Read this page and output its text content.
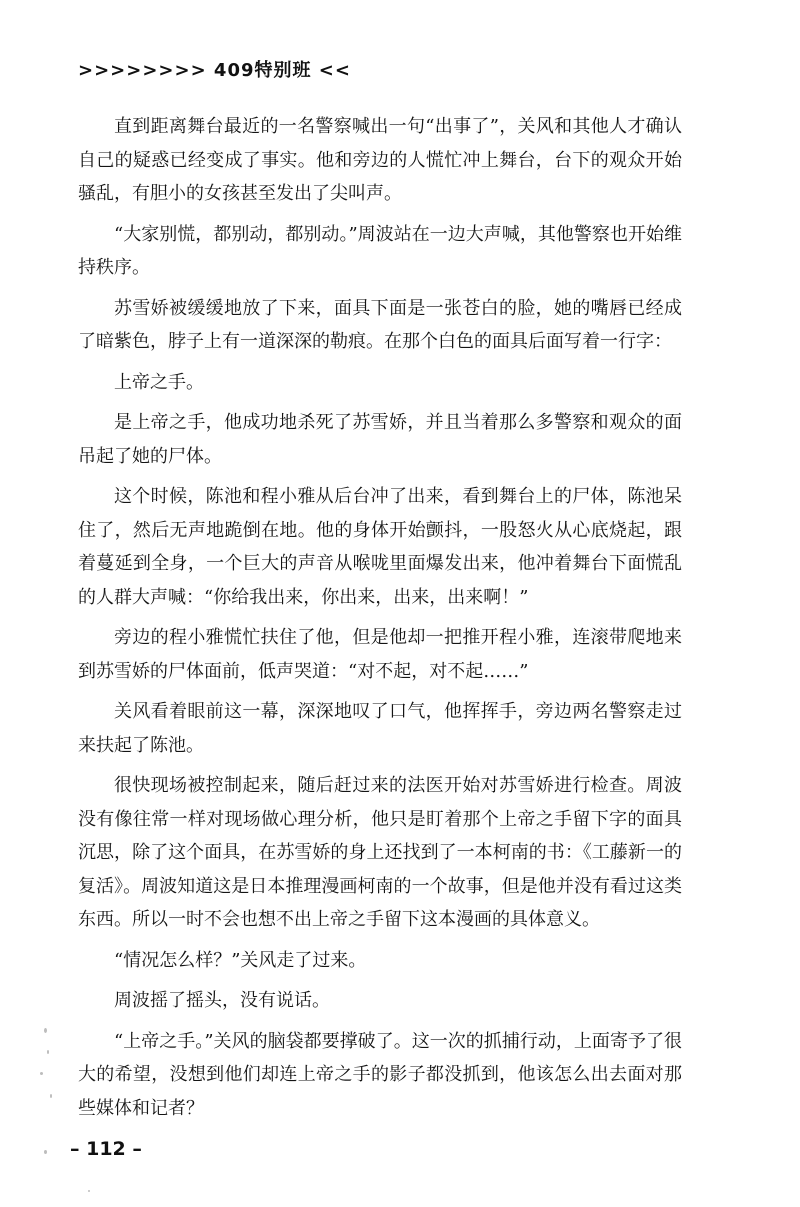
>>>>>>>> 409特别班 <<

直到距离舞台最近的一名警察喊出一句“出事了”，关风和其他人才确认自己的疑惑已经变成了事实。他和旁边的人慌忙冲上舞台，台下的观众开始骚乱，有胆小的女孩甚至发出了尖叫声。

“大家别慌，都别动，都别动。”周波站在一边大声喊，其他警察也开始维持秩序。

苏雪娇被缓缓地放了下来，面具下面是一张苍白的脸，她的嘴唇已经成了暗紫色，脖子上有一道深深的勒痕。在那个白色的面具后面写着一行字：

上帝之手。

是上帝之手，他成功地杀死了苏雪娇，并且当着那么多警察和观众的面吊起了她的尸体。

这个时候，陈池和程小雅从后台冲了出来，看到舞台上的尸体，陈池呆住了，然后无声地跪倒在地。他的身体开始颤抖，一股怒火从心底烧起，跟着蔓延到全身，一个巨大的声音从喉咙里面爆发出来，他冲着舞台下面慌乱的人群大声喊：“你给我出来，你出来，出来，出来啊！”

旁边的程小雅慌忙扶住了他，但是他却一把推开程小雅，连滚带爬地来到苏雪娇的尸体面前，低声哭道：“对不起，对不起……”

关风看着眼前这一幕，深深地叹了口气，他挥挥手，旁边两名警察走过来扶起了陈池。

很快现场被控制起来，随后赶过来的法医开始对苏雪娇进行检查。周波没有像往常一样对现场做心理分析，他只是盯着那个上帝之手留下字的面具沉思，除了这个面具，在苏雪娇的身上还找到了一本柯南的书：《工藤新一的复活》。周波知道这是日本推理漫画柯南的一个故事，但是他并没有看过这类东西。所以一时不会也想不出上帝之手留下这本漫画的具体意义。

“情况怎么样？”关风走了过来。

周波摇了摇头，没有说话。

“上帝之手。”关风的脑袋都要撑破了。这一次的抓捕行动，上面寄予了很大的希望，没想到他们却连上帝之手的影子都没抓到，他该怎么出去面对那些媒体和记者？

– 112 –
